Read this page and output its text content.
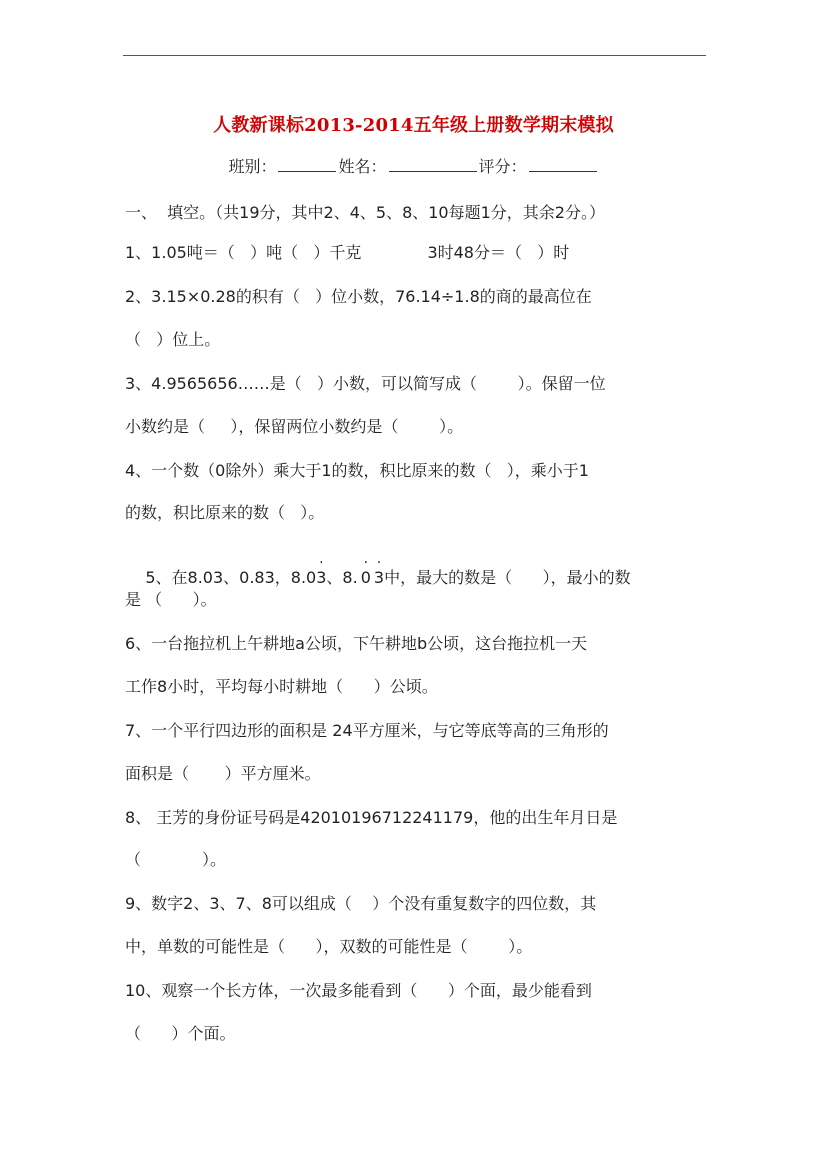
人教新课标2013-2014五年级上册数学期末模拟
班别：	姓名：	评分：
一、  填空。（共19分，其中2、4、5、8、10每题1分，其余2分。）
1、1.05吨＝（   ）吨（   ）千克             3时48分＝（   ）时
2、3.15×0.28的积有（   ）位小数，76.14÷1.8的商的最高位在
（   ）位上。
3、4.9565656……是（   ）小数，可以简写成（        ）。保留一位
小数约是（     ），保留两位小数约是（        ）。
4、一个数（0除外）乘大于1的数，积比原来的数（   ），乘小于1
的数，积比原来的数（   ）。

5、在8.03、0.83，8.0· 3、8. · 0 · 3中，最大的数是（      ），最小的数

是 （      ）。
6、一台拖拉机上午耕地a公顷，下午耕地b公顷，这台拖拉机一天
工作8小时，平均每小时耕地（      ）公顷。
7、一个平行四边形的面积是 24平方厘米，与它等底等高的三角形的
面积是（       ）平方厘米。
8、 王芳的身份证号码是42010196712241179，他的出生年月日是
（            ）。
9、数字2、3、7、8可以组成（    ）个没有重复数字的四位数，其
中，单数的可能性是（      ），双数的可能性是（        ）。
10、观察一个长方体，一次最多能看到（      ）个面，最少能看到
（      ）个面。
